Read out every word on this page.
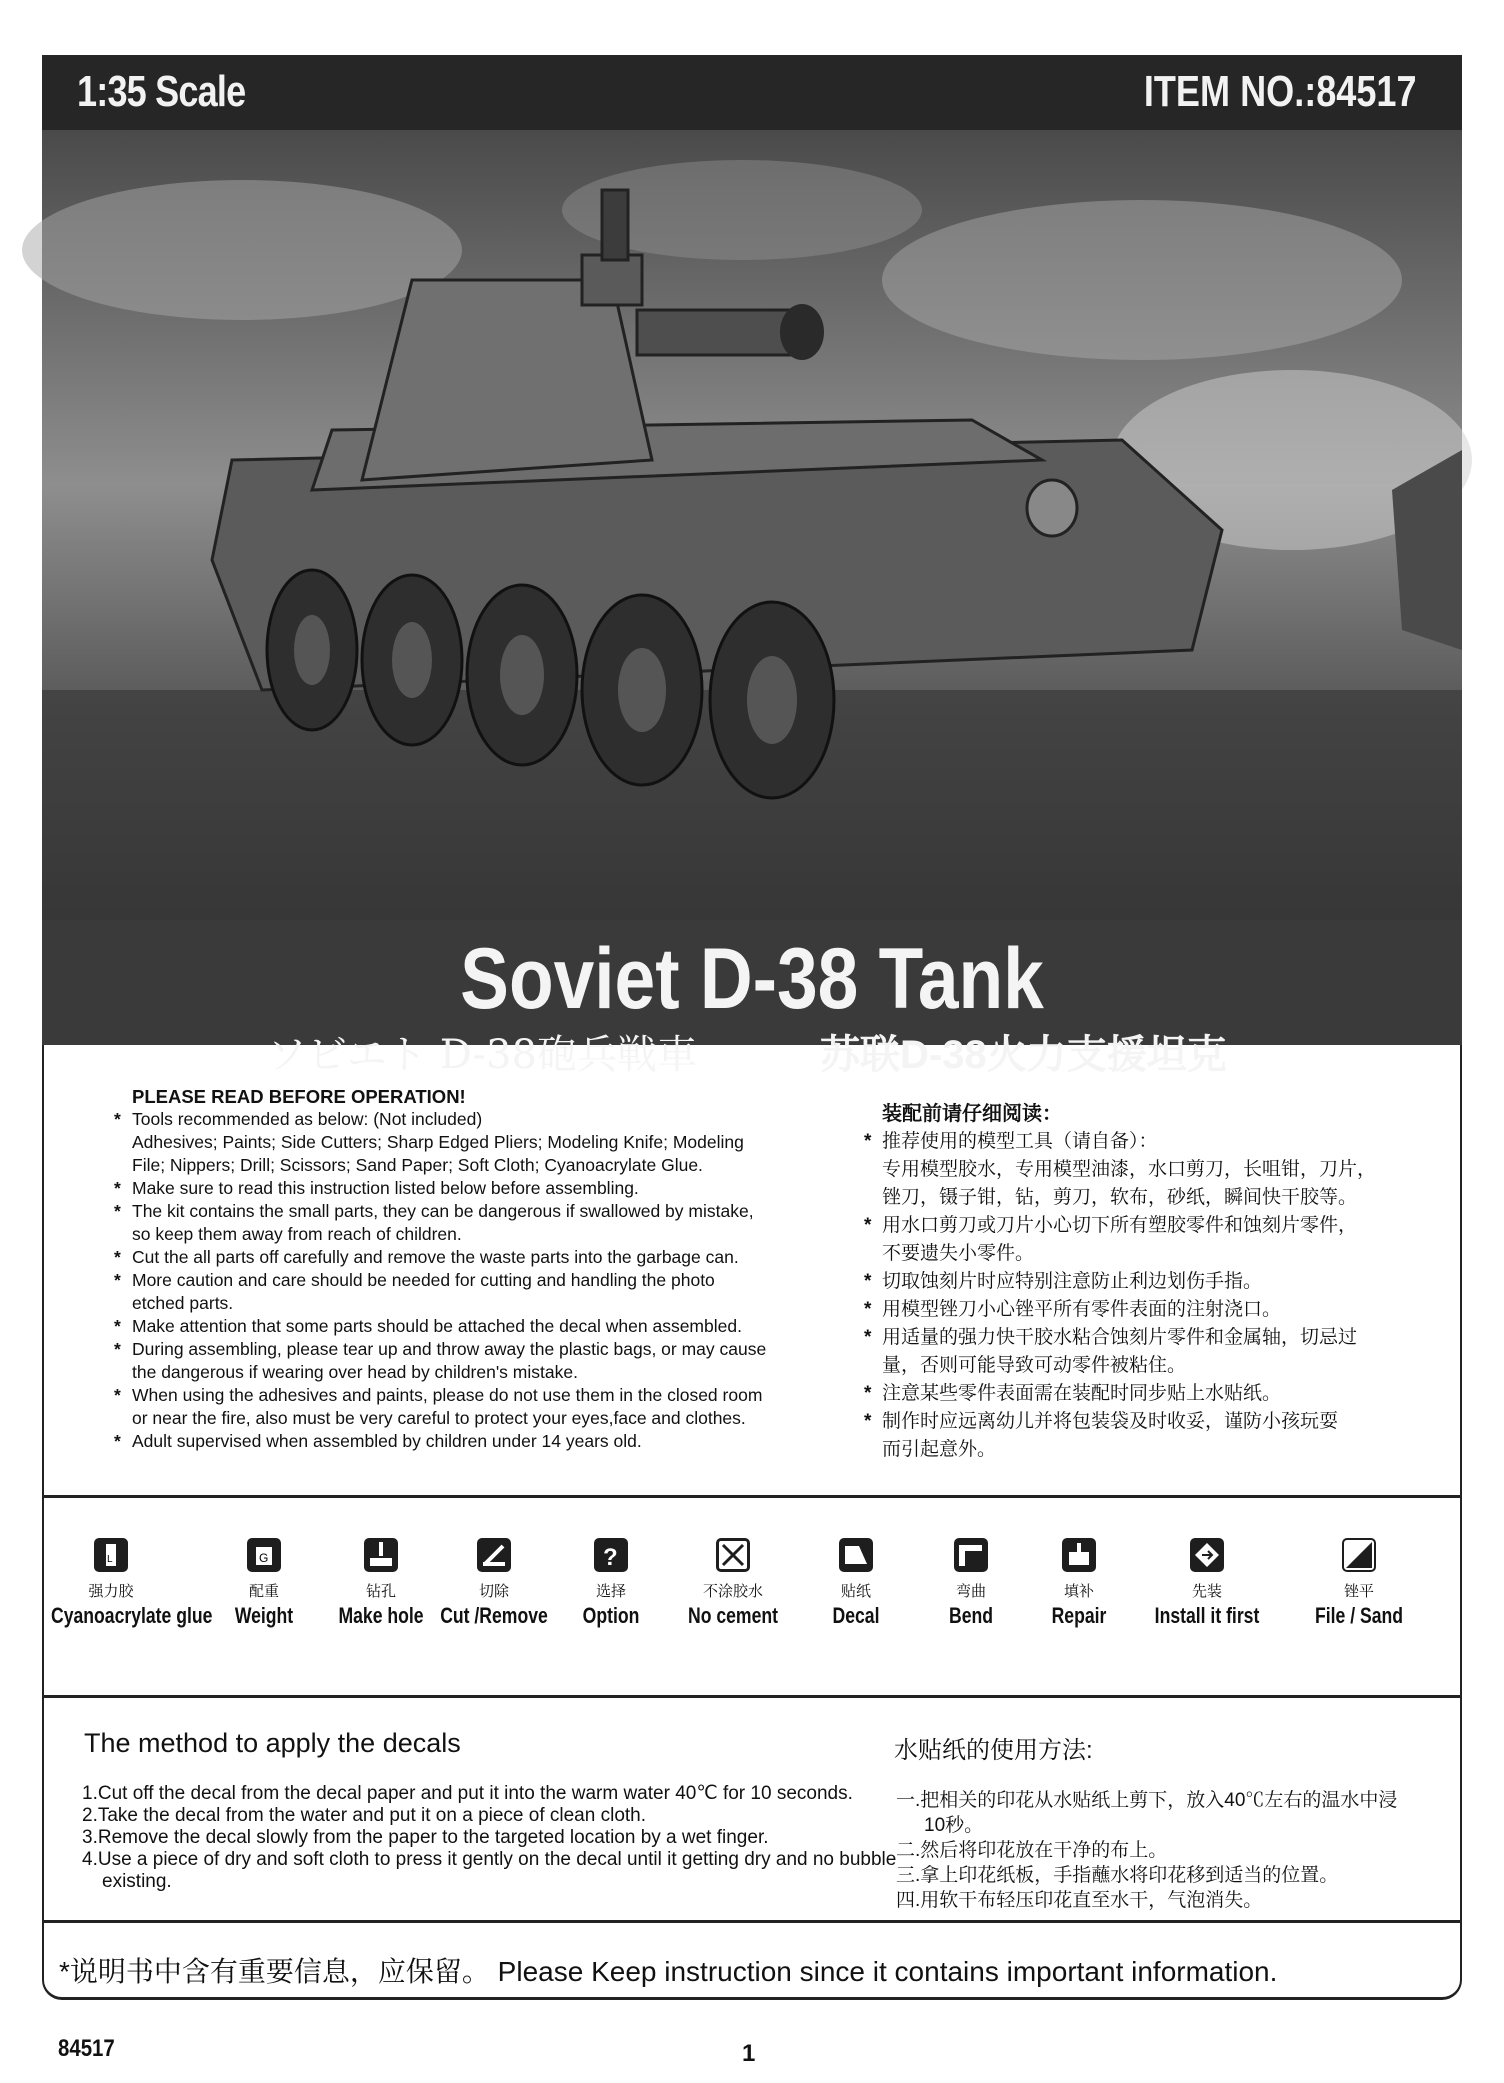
1:35 Scale	ITEM NO.:84517
Soviet D-38 Tank
ソビエト D-38砲兵戦車	苏联D-38火力支援坦克
PLEASE READ BEFORE OPERATION!
* Tools recommended as below: (Not included)
Adhesives; Paints; Side Cutters; Sharp Edged Pliers; Modeling Knife; Modeling
File; Nippers; Drill; Scissors; Sand Paper; Soft Cloth; Cyanoacrylate Glue.
* Make sure to read this instruction listed below before assembling.
* The kit contains the small parts, they can be dangerous if swallowed by mistake,
so keep them away from reach of children.
* Cut the all parts off carefully and remove the waste parts into the garbage can.
* More caution and care should be needed for cutting and handling the photo
etched parts.
* Make attention that some parts should be attached the decal when assembled.
* During assembling, please tear up and throw away the plastic bags, or may cause
the dangerous if wearing over head by children's mistake.
* When using the adhesives and paints, please do not use them in the closed room
or near the fire, also must be very careful to protect your eyes,face and clothes.
* Adult supervised when assembled by children under 14 years old.
装配前请仔细阅读：
* 推荐使用的模型工具（请自备）：
专用模型胶水，专用模型油漆，水口剪刀，长咀钳，刀片，
锉刀，镊子钳，钻，剪刀，软布，砂纸，瞬间快干胶等。
* 用水口剪刀或刀片小心切下所有塑胶零件和蚀刻片零件，
不要遗失小零件。
* 切取蚀刻片时应特别注意防止利边划伤手指。
* 用模型锉刀小心锉平所有零件表面的注射浇口。
* 用适量的强力快干胶水粘合蚀刻片零件和金属轴，切忌过
量，否则可能导致可动零件被粘住。
* 注意某些零件表面需在装配时同步贴上水贴纸。
* 制作时应远离幼儿并将包装袋及时收妥，谨防小孩玩耍
而引起意外。
L
强力胶
Cyanoacrylate glue
G
配重
Weight
钻孔
Make hole
切除
Cut /Remove
?
选择
Option
不涂胶水
No cement
贴纸
Decal
弯曲
Bend
填补
Repair
先装
Install it first
锉平
File / Sand
The method to apply the decals
1.Cut off the decal from the decal paper and put it into the warm water 40℃ for 10 seconds.
2.Take the decal from the water and put it on a piece of clean cloth.
3.Remove the decal slowly from the paper to the targeted location by a wet finger.
4.Use a piece of dry and soft cloth to press it gently on the decal until it getting dry and no bubble existing.
水贴纸的使用方法:
一.把相关的印花从水贴纸上剪下，放入40℃左右的温水中浸10秒。
二.然后将印花放在干净的布上。
三.拿上印花纸板，手指蘸水将印花移到适当的位置。
四.用软干布轻压印花直至水干，气泡消失。
*说明书中含有重要信息，应保留。 Please Keep instruction since it contains important information.
84517	1
